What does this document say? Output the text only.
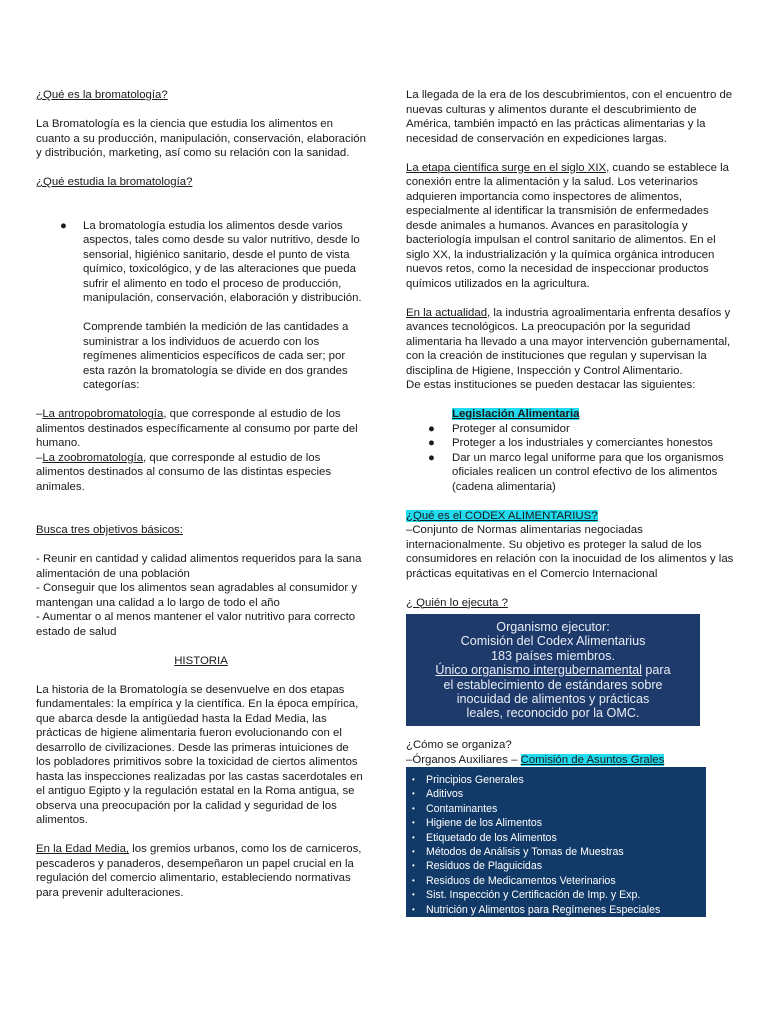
¿Qué es la bromatología?

La Bromatología es la ciencia que estudia los alimentos en cuanto a su producción, manipulación, conservación, elaboración y distribución, marketing, así como su relación con la sanidad.

¿Qué estudia la bromatología?

● La bromatología estudia los alimentos desde varios aspectos, tales como desde su valor nutritivo, desde lo sensorial, higiénico sanitario, desde el punto de vista químico, toxicológico, y de las alteraciones que pueda sufrir el alimento en todo el proceso de producción, manipulación, conservación, elaboración y distribución.

Comprende también la medición de las cantidades a suministrar a los individuos de acuerdo con los regímenes alimenticios específicos de cada ser; por esta razón la bromatología se divide en dos grandes categorías:

–La antropobromatología, que corresponde al estudio de los alimentos destinados específicamente al consumo por parte del humano.

–La zoobromatología, que corresponde al estudio de los alimentos destinados al consumo de las distintas especies animales.

Busca tres objetivos básicos:

- Reunir en cantidad y calidad alimentos requeridos para la sana alimentación de una población

- Conseguir que los alimentos sean agradables al consumidor y mantengan una calidad a lo largo de todo el año

- Aumentar o al menos mantener el valor nutritivo para correcto estado de salud

HISTORIA

La historia de la Bromatología se desenvuelve en dos etapas fundamentales: la empírica y la científica. En la época empírica, que abarca desde la antigüedad hasta la Edad Media, las prácticas de higiene alimentaria fueron evolucionando con el desarrollo de civilizaciones. Desde las primeras intuiciones de los pobladores primitivos sobre la toxicidad de ciertos alimentos hasta las inspecciones realizadas por las castas sacerdotales en el antiguo Egipto y la regulación estatal en la Roma antigua, se observa una preocupación por la calidad y seguridad de los alimentos.

En la Edad Media, los gremios urbanos, como los de carniceros, pescaderos y panaderos, desempeñaron un papel crucial en la regulación del comercio alimentario, estableciendo normativas para prevenir adulteraciones.

La llegada de la era de los descubrimientos, con el encuentro de nuevas culturas y alimentos durante el descubrimiento de América, también impactó en las prácticas alimentarias y la necesidad de conservación en expediciones largas.

La etapa científica surge en el siglo XIX, cuando se establece la conexión entre la alimentación y la salud. Los veterinarios adquieren importancia como inspectores de alimentos, especialmente al identificar la transmisión de enfermedades desde animales a humanos. Avances en parasitología y bacteriología impulsan el control sanitario de alimentos. En el siglo XX, la industrialización y la química orgánica introducen nuevos retos, como la necesidad de inspeccionar productos químicos utilizados en la agricultura.

En la actualidad, la industria agroalimentaria enfrenta desafíos y avances tecnológicos. La preocupación por la seguridad alimentaria ha llevado a una mayor intervención gubernamental, con la creación de instituciones que regulan y supervisan la disciplina de Higiene, Inspección y Control Alimentario.

De estas instituciones se pueden destacar las siguientes:

Legislación Alimentaria

● Proteger al consumidor
● Proteger a los industriales y comerciantes honestos
● Dar un marco legal uniforme para que los organismos oficiales realicen un control efectivo de los alimentos (cadena alimentaria)

¿Qué es el CODEX ALIMENTARIUS?

–Conjunto de Normas alimentarias negociadas internacionalmente. Su objetivo es proteger la salud de los consumidores en relación con la inocuidad de los alimentos y las prácticas equitativas en el Comercio Internacional

¿ Quién lo ejecuta ?

Organismo ejecutor:
Comisión del Codex Alimentarius
183 países miembros.
Único organismo intergubernamental para
el establecimiento de estándares sobre
inocuidad de alimentos y prácticas
leales, reconocido por la OMC.

¿Cómo se organiza?

–Órganos Auxiliares – Comisión de Asuntos Grales

•	Principios Generales
•	Aditivos
•	Contaminantes
•	Higiene de los Alimentos
•	Etiquetado de los Alimentos
•	Métodos de Análisis y Tomas de Muestras
•	Residuos de Plaguicidas
•	Residuos de Medicamentos Veterinarios
•	Sist. Inspección y Certificación de Imp. y Exp.
•	Nutrición y Alimentos para Regímenes Especiales
